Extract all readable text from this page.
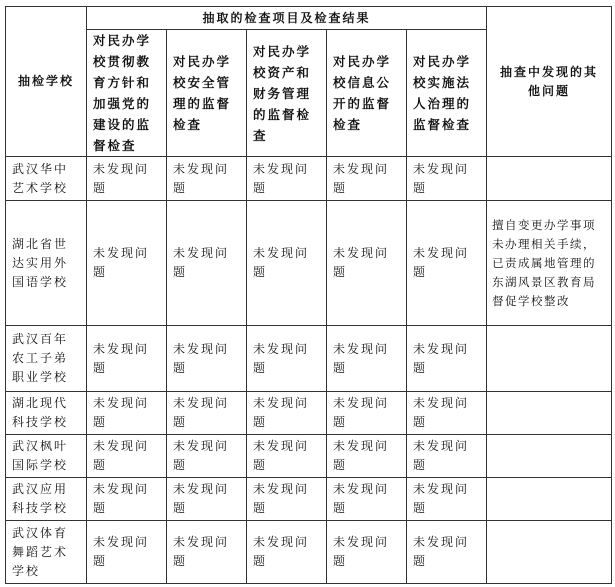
抽检学校	抽取的检查项目及检查结果					抽查中发现的其他问题
	对民办学校贯彻教育方针和加强党的建设的监督检查	对民办学校安全管理的监督检查	对民办学校资产和财务管理的监督检查	对民办学校信息公开的监督检查	对民办学校实施法人治理的监督检查	
武汉华中艺术学校	未发现问题	未发现问题	未发现问题	未发现问题	未发现问题	
湖北省世达实用外国语学校	未发现问题	未发现问题	未发现问题	未发现问题	未发现问题	擅自变更办学事项未办理相关手续，已责成属地管理的东湖风景区教育局督促学校整改
武汉百年农工子弟职业学校	未发现问题	未发现问题	未发现问题	未发现问题	未发现问题	
湖北现代科技学校	未发现问题	未发现问题	未发现问题	未发现问题	未发现问题	
武汉枫叶国际学校	未发现问题	未发现问题	未发现问题	未发现问题	未发现问题	
武汉应用科技学校	未发现问题	未发现问题	未发现问题	未发现问题	未发现问题	
武汉体育舞蹈艺术学校	未发现问题	未发现问题	未发现问题	未发现问题	未发现问题	
